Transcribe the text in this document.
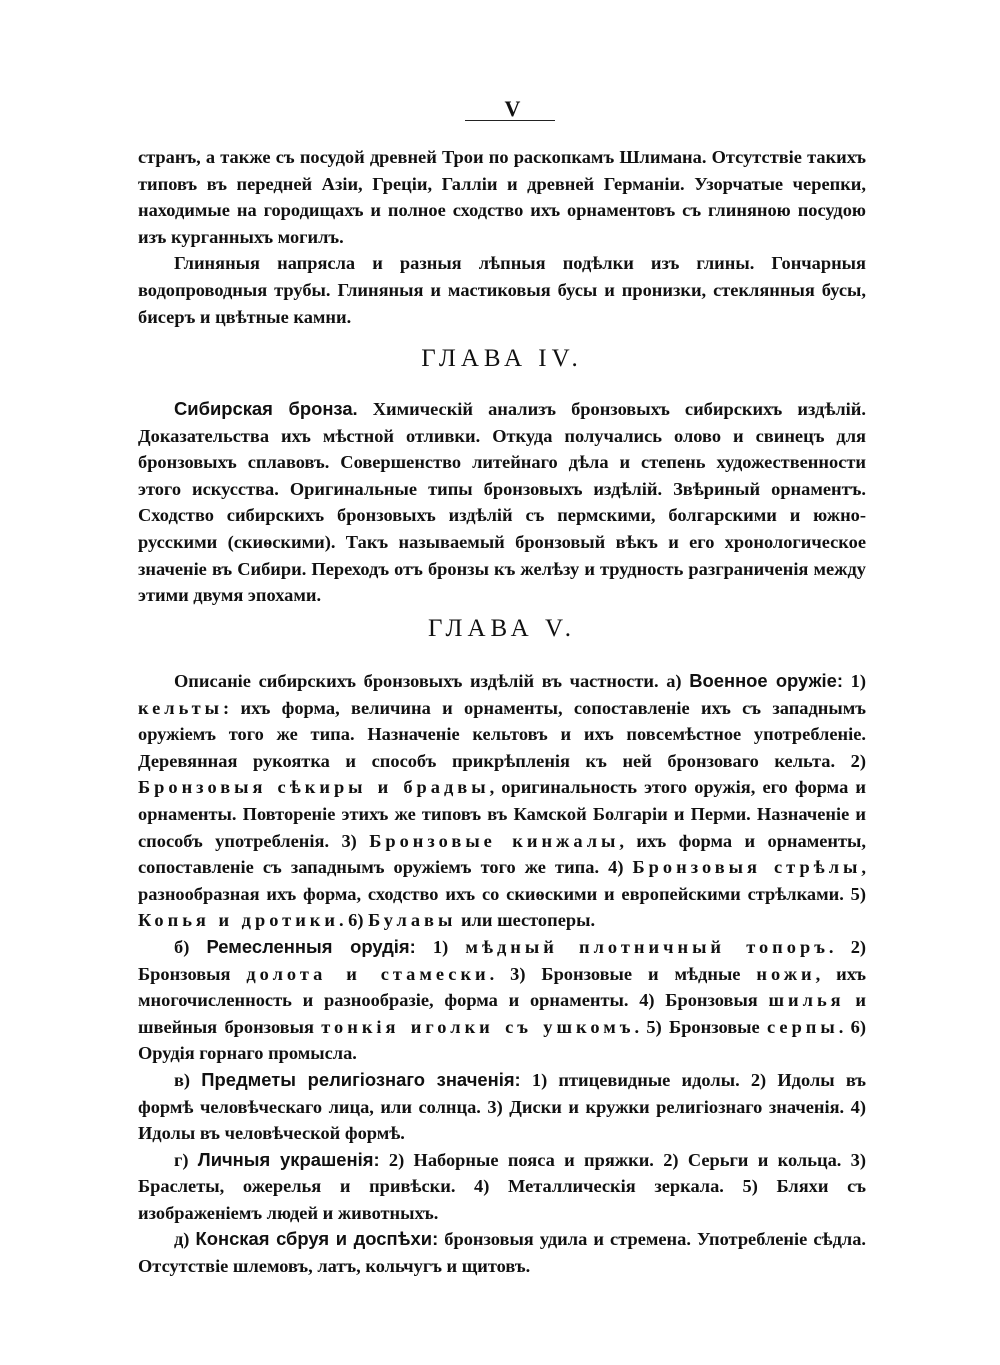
V

странъ, а также съ посудой древней Трои по раскопкамъ Шлимана. Отсутствіе такихъ типовъ въ передней Азіи, Греціи, Галліи и древней Германіи. Узорчатые черепки, находимые на городищахъ и полное сходство ихъ орнаментовъ съ глиняною посудою изъ курганныхъ могилъ.

Глиняныя напрясла и разныя лѣпныя подѣлки изъ глины. Гончарныя водопроводныя трубы. Глиняныя и мастиковыя бусы и пронизки, стеклянныя бусы, бисеръ и цвѣтные камни.

ГЛАВА IV.

Сибирская бронза. Химическій анализъ бронзовыхъ сибирскихъ издѣлій. Доказательства ихъ мѣстной отливки. Откуда получались олово и свинецъ для бронзовыхъ сплавовъ. Совершенство литейнаго дѣла и степень художественности этого искусства. Оригинальные типы бронзовыхъ издѣлій. Звѣриный орнаментъ. Сходство сибирскихъ бронзовыхъ издѣлій съ пермскими, болгарскими и южно-русскими (скиѳскими). Такъ называемый бронзовый вѣкъ и его хронологическое значеніе въ Сибири. Переходъ отъ бронзы къ желѣзу и трудность разграниченія между этими двумя эпохами.

ГЛАВА V.

Описаніе сибирскихъ бронзовыхъ издѣлій въ частности. а) Военное оружіе: 1) кельты: ихъ форма, величина и орнаменты, сопоставленіе ихъ съ западнымъ оружіемъ того же типа. Назначеніе кельтовъ и ихъ повсемѣстное употребленіе. Деревянная рукоятка и способъ прикрѣпленія къ ней бронзоваго кельта. 2) Бронзовыя сѣкиры и брадвы, оригинальность этого оружія, его форма и орнаменты. Повтореніе этихъ же типовъ въ Камской Болгаріи и Перми. Назначеніе и способъ употребленія. 3) Бронзовые кинжалы, ихъ форма и орнаменты, сопоставленіе съ западнымъ оружіемъ того же типа. 4) Бронзовыя стрѣлы, разнообразная ихъ форма, сходство ихъ со скиѳскими и европейскими стрѣлками. 5) Копья и дротики. 6) Булавы или шестоперы.

б) Ремесленныя орудія: 1) мѣдный плотничный топоръ. 2) Бронзовыя долота и стамески. 3) Бронзовые и мѣдные ножи, ихъ многочисленность и разнообразіе, форма и орнаменты. 4) Бронзовыя шилья и швейныя бронзовыя тонкія иголки съ ушкомъ. 5) Бронзовые серпы. 6) Орудія горнаго промысла.

в) Предметы религіознаго значенія: 1) птицевидные идолы. 2) Идолы въ формѣ человѣческаго лица, или солнца. 3) Диски и кружки религіознаго значенія. 4) Идолы въ человѣческой формѣ.

г) Личныя украшенія: 2) Наборные пояса и пряжки. 2) Серьги и кольца. 3) Браслеты, ожерелья и привѣски. 4) Металлическія зеркала. 5) Бляхи съ изображеніемъ людей и животныхъ.

д) Конская сбруя и доспѣхи: бронзовыя удила и стремена. Употребленіе сѣдла. Отсутствіе шлемовъ, латъ, кольчугъ и щитовъ.
